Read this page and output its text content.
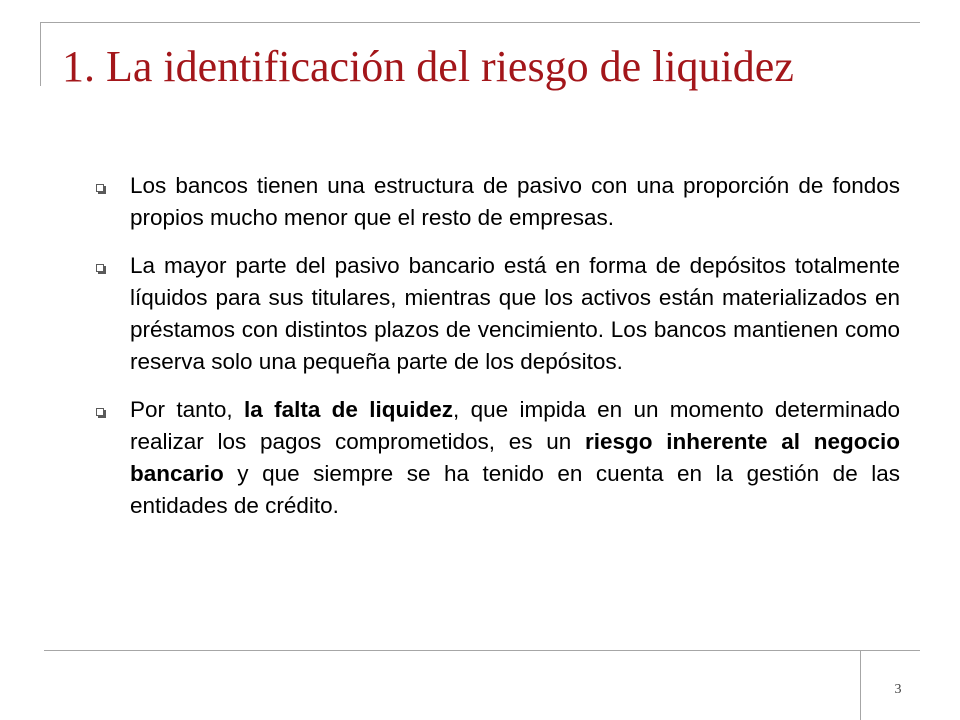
1. La identificación del riesgo de liquidez
Los bancos tienen una estructura de pasivo con una proporción de fondos propios mucho menor que el resto de empresas.
La mayor parte del pasivo bancario está en forma de depósitos totalmente líquidos para sus titulares, mientras que los activos están materializados en préstamos con distintos plazos de vencimiento. Los bancos mantienen como reserva solo una pequeña parte de los depósitos.
Por tanto, la falta de liquidez, que impida en un momento determinado realizar los pagos comprometidos, es un riesgo inherente al negocio bancario y que siempre se ha tenido en cuenta en la gestión de las entidades de crédito.
3
